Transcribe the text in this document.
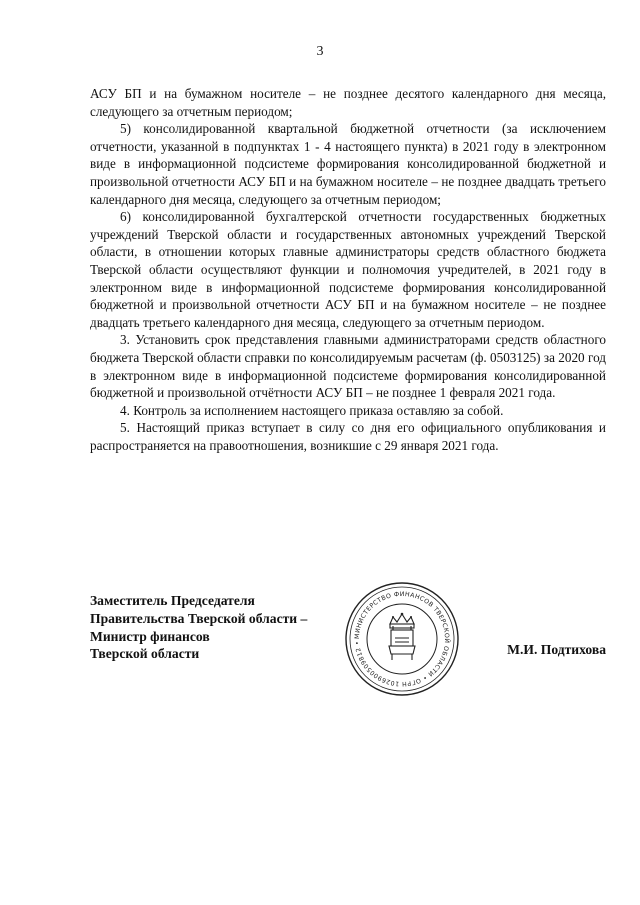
3

АСУ БП и на бумажном носителе – не позднее десятого календарного дня месяца, следующего за отчетным периодом;

5) консолидированной квартальной бюджетной отчетности (за исключением отчетности, указанной в подпунктах 1 - 4 настоящего пункта) в 2021 году в электронном виде в информационной подсистеме формирования консолидированной бюджетной и произвольной отчетности АСУ БП и на бумажном носителе – не позднее двадцать третьего календарного дня месяца, следующего за отчетным периодом;

6) консолидированной бухгалтерской отчетности государственных бюджетных учреждений Тверской области и государственных автономных учреждений Тверской области, в отношении которых главные администраторы средств областного бюджета Тверской области осуществляют функции и полномочия учредителей, в 2021 году в электронном виде в информационной подсистеме формирования консолидированной бюджетной и произвольной отчетности АСУ БП и на бумажном носителе – не позднее двадцать третьего календарного дня месяца, следующего за отчетным периодом.

3. Установить срок представления главными администраторами средств областного бюджета Тверской области справки по консолидируемым расчетам (ф. 0503125) за 2020 год в электронном виде в информационной подсистеме формирования консолидированной бюджетной и произвольной отчётности АСУ БП – не позднее 1 февраля 2021 года.

4. Контроль за исполнением настоящего приказа оставляю за собой.

5. Настоящий приказ вступает в силу со дня его официального опубликования и распространяется на правоотношения, возникшие с 29 января 2021 года.

Заместитель Председателя
Правительства Тверской области –
Министр финансов
Тверской области
МИНИСТЕРСТВО ФИНАНСОВ ТВЕРСКОЙ ОБЛАСТИ • ОГРН 1026900509812 •	М.И. Подтихова
